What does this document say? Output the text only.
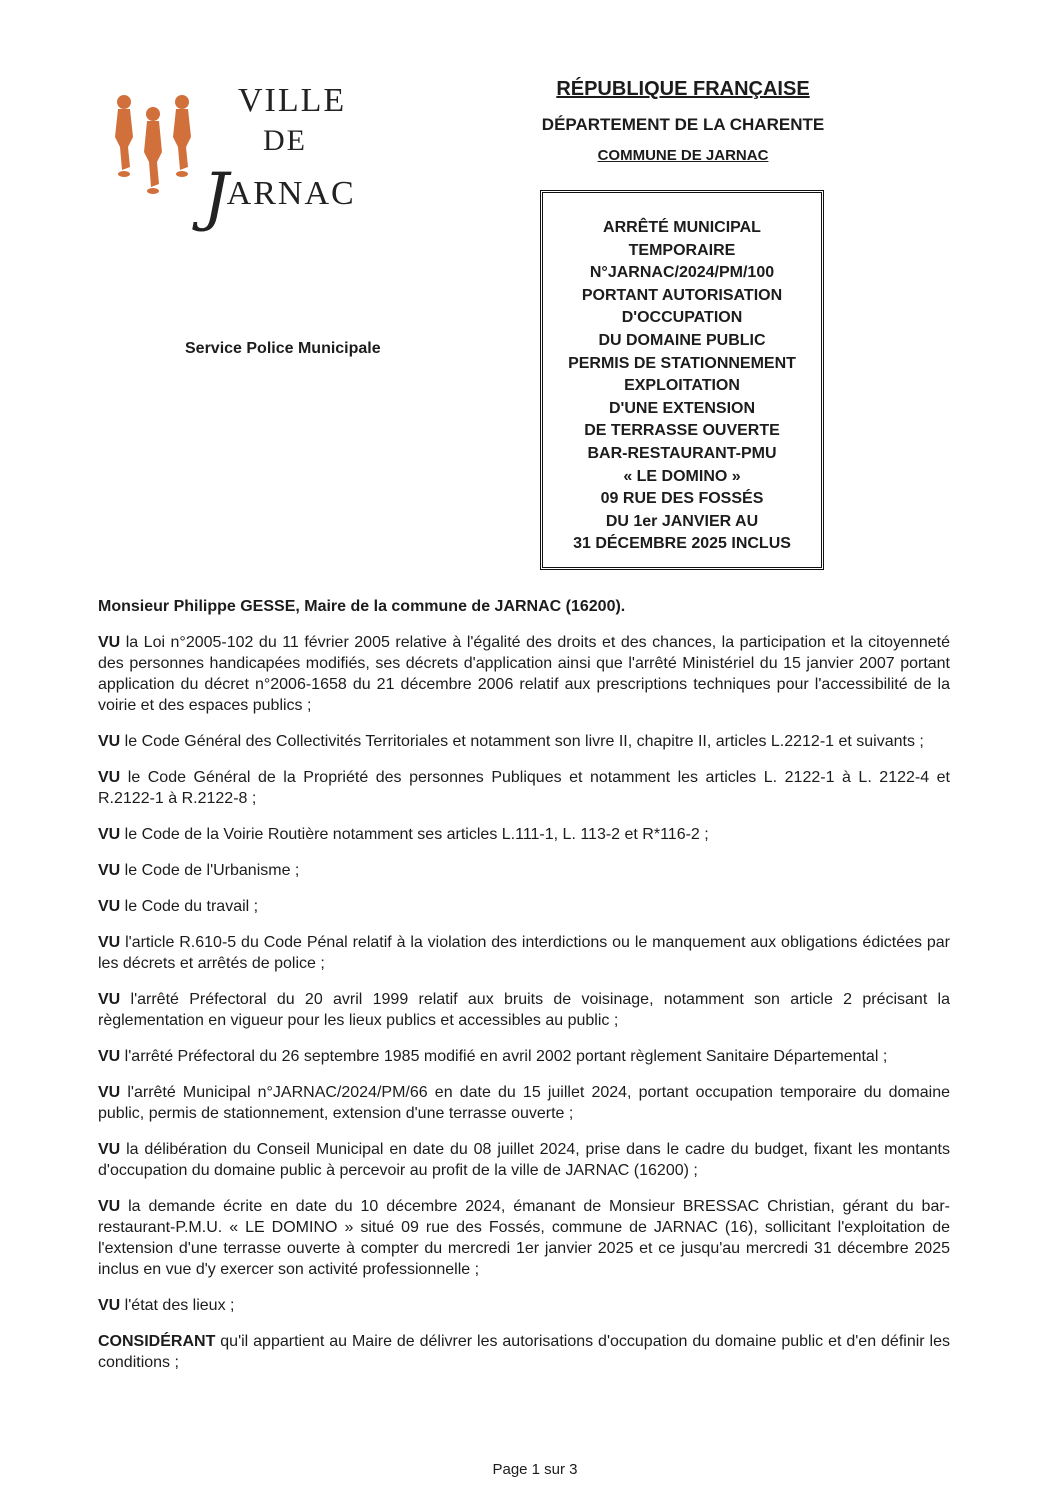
VILLE
DE
JARNAC
RÉPUBLIQUE FRANÇAISE
DÉPARTEMENT DE LA CHARENTE
COMMUNE DE JARNAC
Service Police Municipale
ARRÊTÉ MUNICIPAL
TEMPORAIRE
N°JARNAC/2024/PM/100
PORTANT AUTORISATION
D'OCCUPATION
DU DOMAINE PUBLIC
PERMIS DE STATIONNEMENT
EXPLOITATION
D'UNE EXTENSION
DE TERRASSE OUVERTE
BAR-RESTAURANT-PMU
« LE DOMINO »
09 RUE DES FOSSÉS
DU 1er JANVIER AU
31 DÉCEMBRE 2025 INCLUS

Monsieur Philippe GESSE, Maire de la commune de JARNAC (16200).

VU la Loi n°2005-102 du 11 février 2005 relative à l'égalité des droits et des chances, la participation et la citoyenneté des personnes handicapées modifiés, ses décrets d'application ainsi que l'arrêté Ministériel du 15 janvier 2007 portant application du décret n°2006-1658 du 21 décembre 2006 relatif aux prescriptions techniques pour l'accessibilité de la voirie et des espaces publics ;

VU le Code Général des Collectivités Territoriales et notamment son livre II, chapitre II, articles L.2212-1 et suivants ;

VU le Code Général de la Propriété des personnes Publiques et notamment les articles L. 2122-1 à L. 2122-4 et R.2122-1 à R.2122-8 ;

VU le Code de la Voirie Routière notamment ses articles L.111-1, L. 113-2 et R*116-2 ;

VU le Code de l'Urbanisme ;

VU le Code du travail ;

VU l'article R.610-5 du Code Pénal relatif à la violation des interdictions ou le manquement aux obligations édictées par les décrets et arrêtés de police ;

VU l'arrêté Préfectoral du 20 avril 1999 relatif aux bruits de voisinage, notamment son article 2 précisant la règlementation en vigueur pour les lieux publics et accessibles au public ;

VU l'arrêté Préfectoral du 26 septembre 1985 modifié en avril 2002 portant règlement Sanitaire Départemental ;

VU l'arrêté Municipal n°JARNAC/2024/PM/66 en date du 15 juillet 2024, portant occupation temporaire du domaine public, permis de stationnement, extension d'une terrasse ouverte ;

VU la délibération du Conseil Municipal en date du 08 juillet 2024, prise dans le cadre du budget, fixant les montants d'occupation du domaine public à percevoir au profit de la ville de JARNAC (16200) ;

VU la demande écrite en date du 10 décembre 2024, émanant de Monsieur BRESSAC Christian, gérant du bar-restaurant-P.M.U. « LE DOMINO » situé 09 rue des Fossés, commune de JARNAC (16), sollicitant l'exploitation de l'extension d'une terrasse ouverte à compter du mercredi 1er janvier 2025 et ce jusqu'au mercredi 31 décembre 2025 inclus en vue d'y exercer son activité professionnelle ;

VU l'état des lieux ;

CONSIDÉRANT qu'il appartient au Maire de délivrer les autorisations d'occupation du domaine public et d'en définir les conditions ;

Page 1 sur 3
